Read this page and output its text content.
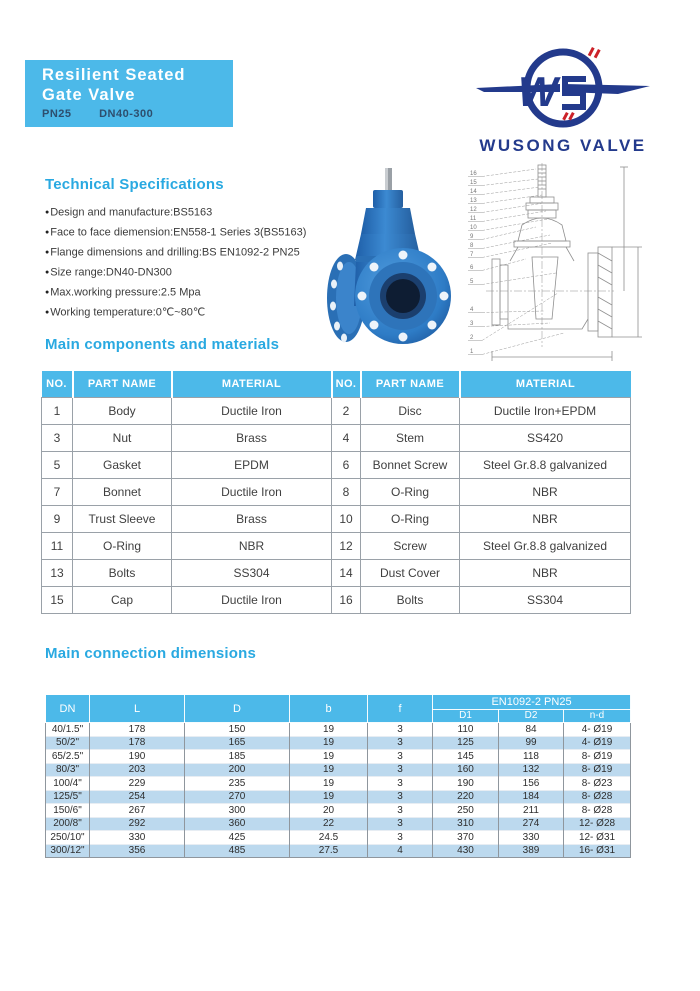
Resilient Seated
Gate Valve
PN25	DN40-300	W
WUSONG VALVE
Technical Specifications
● Design and manufacture:BS5163
● Face to face diemension:EN558-1 Series 3(BS5163)
● Flange dimensions and drilling:BS EN1092-2 PN25
● Size range:DN40-DN300
● Max.working pressure:2.5 Mpa
● Working temperature:0℃~80℃
16
15
14
13
12
11
10
9
8
7
6
5
4
3
2
1
Main components and materials
NO.	PART NAME	MATERIAL	NO.	PART NAME	MATERIAL
1	Body	Ductile Iron	2	Disc	Ductile Iron+EPDM
3	Nut	Brass	4	Stem	SS420
5	Gasket	EPDM	6	Bonnet Screw	Steel Gr.8.8 galvanized
7	Bonnet	Ductile Iron	8	O-Ring	NBR
9	Trust Sleeve	Brass	10	O-Ring	NBR
11	O-Ring	NBR	12	Screw	Steel Gr.8.8 galvanized
13	Bolts	SS304	14	Dust Cover	NBR
15	Cap	Ductile Iron	16	Bolts	SS304
Main connection dimensions
DN	L	D	b	f	EN1092-2 PN25		
					D1	D2	n-d
40/1.5"	178	150	19	3	110	84	4- Ø19
50/2"	178	165	19	3	125	99	4- Ø19
65/2.5"	190	185	19	3	145	118	8- Ø19
80/3"	203	200	19	3	160	132	8- Ø19
100/4"	229	235	19	3	190	156	8- Ø23
125/5"	254	270	19	3	220	184	8- Ø28
150/6"	267	300	20	3	250	211	8- Ø28
200/8"	292	360	22	3	310	274	12- Ø28
250/10"	330	425	24.5	3	370	330	12- Ø31
300/12"	356	485	27.5	4	430	389	16- Ø31
